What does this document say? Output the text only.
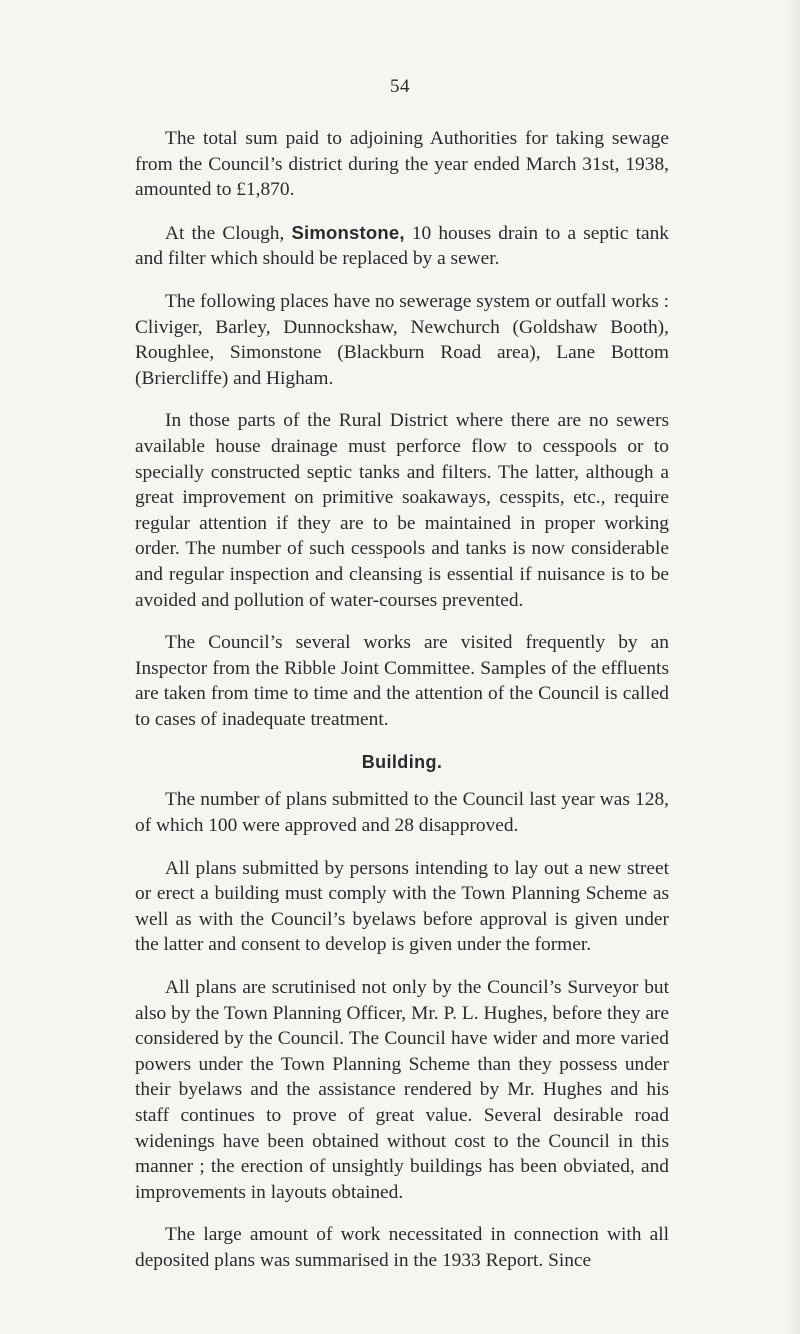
54

The total sum paid to adjoining Authorities for taking sewage from the Council’s district during the year ended March 31st, 1938, amounted to £1,870.

At the Clough, Simonstone, 10 houses drain to a septic tank and filter which should be replaced by a sewer.

The following places have no sewerage system or outfall works : Cliviger, Barley, Dunnockshaw, Newchurch (Goldshaw Booth), Roughlee, Simonstone (Blackburn Road area), Lane Bottom (Briercliffe) and Higham.

In those parts of the Rural District where there are no sewers available house drainage must perforce flow to cesspools or to specially constructed septic tanks and filters. The latter, although a great improvement on primitive soakaways, cesspits, etc., require regular attention if they are to be maintained in proper working order. The number of such cesspools and tanks is now considerable and regular inspection and cleansing is essential if nuisance is to be avoided and pollution of water-courses prevented.

The Council’s several works are visited frequently by an Inspector from the Ribble Joint Committee. Samples of the effluents are taken from time to time and the attention of the Council is called to cases of inadequate treatment.

Building.

The number of plans submitted to the Council last year was 128, of which 100 were approved and 28 disapproved.

All plans submitted by persons intending to lay out a new street or erect a building must comply with the Town Planning Scheme as well as with the Council’s byelaws before approval is given under the latter and consent to develop is given under the former.

All plans are scrutinised not only by the Council’s Surveyor but also by the Town Planning Officer, Mr. P. L. Hughes, before they are considered by the Council. The Council have wider and more varied powers under the Town Planning Scheme than they possess under their byelaws and the assistance rendered by Mr. Hughes and his staff continues to prove of great value. Several desirable road widenings have been obtained without cost to the Council in this manner ; the erection of unsightly buildings has been obviated, and improvements in layouts obtained.

The large amount of work necessitated in connection with all deposited plans was summarised in the 1933 Report. Since
